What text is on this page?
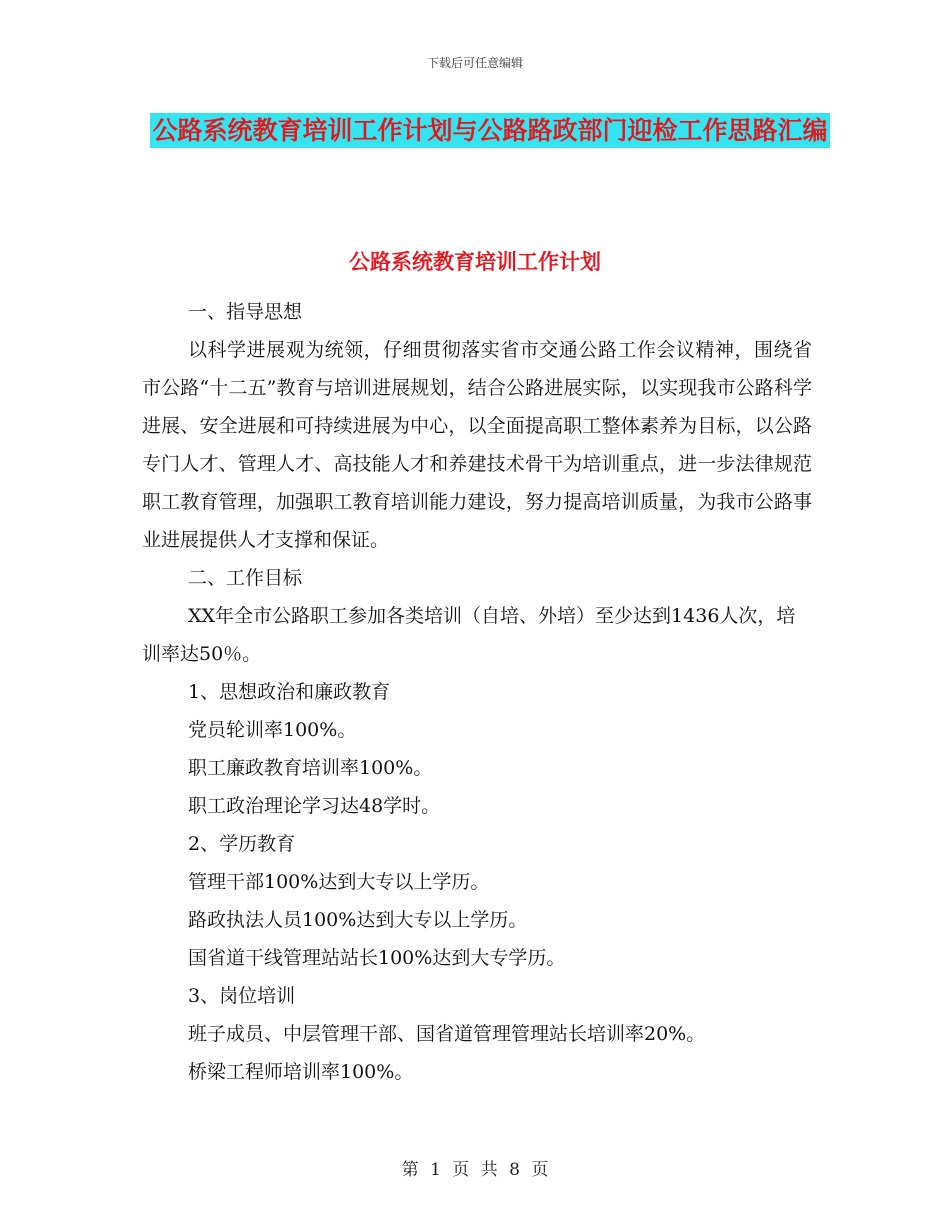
下载后可任意编辑
公路系统教育培训工作计划与公路路政部门迎检工作思路汇编
公路系统教育培训工作计划

一、指导思想

以科学进展观为统领，仔细贯彻落实省市交通公路工作会议精神，围绕省市公路“十二五”教育与培训进展规划，结合公路进展实际，以实现我市公路科学进展、安全进展和可持续进展为中心，以全面提高职工整体素养为目标，以公路专门人才、管理人才、高技能人才和养建技术骨干为培训重点，进一步法律规范职工教育管理，加强职工教育培训能力建设，努力提高培训质量，为我市公路事业进展提供人才支撑和保证。

二、工作目标

XX年全市公路职工参加各类培训（自培、外培）至少达到1436人次，培训率达50％。

1、思想政治和廉政教育

党员轮训率100%。

职工廉政教育培训率100%。

职工政治理论学习达48学时。

2、学历教育

管理干部100%达到大专以上学历。

路政执法人员100%达到大专以上学历。

国省道干线管理站站长100%达到大专学历。

3、岗位培训

班子成员、中层管理干部、国省道管理管理站长培训率20%。

桥梁工程师培训率100%。

第 1 页 共 8 页
